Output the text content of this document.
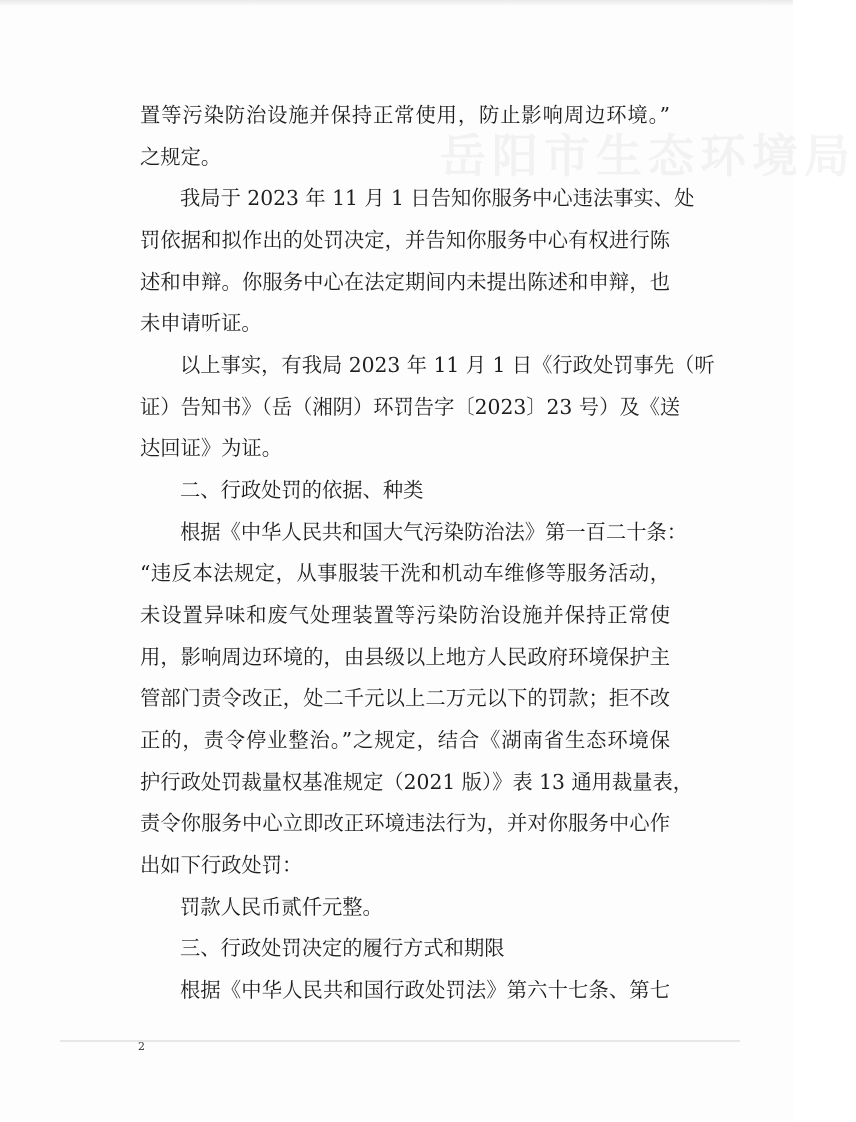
岳阳市生态环境局
置等污染防治设施并保持正常使用，防止影响周边环境。”
之规定。
我局于 2023 年 11 月 1 日告知你服务中心违法事实、处
罚依据和拟作出的处罚决定，并告知你服务中心有权进行陈
述和申辩。你服务中心在法定期间内未提出陈述和申辩，也
未申请听证。
以上事实，有我局 2023 年 11 月 1 日《行政处罚事先（听
证）告知书》（岳（湘阴）环罚告字〔2023〕23 号）及《送
达回证》为证。
二、行政处罚的依据、种类
根据《中华人民共和国大气污染防治法》第一百二十条：
“违反本法规定，从事服装干洗和机动车维修等服务活动，
未设置异味和废气处理装置等污染防治设施并保持正常使
用，影响周边环境的，由县级以上地方人民政府环境保护主
管部门责令改正，处二千元以上二万元以下的罚款；拒不改
正的，责令停业整治。”之规定，结合《湖南省生态环境保
护行政处罚裁量权基准规定（2021 版）》表 13 通用裁量表，
责令你服务中心立即改正环境违法行为，并对你服务中心作
出如下行政处罚：
罚款人民币贰仟元整。
三、行政处罚决定的履行方式和期限
根据《中华人民共和国行政处罚法》第六十七条、第七
2
